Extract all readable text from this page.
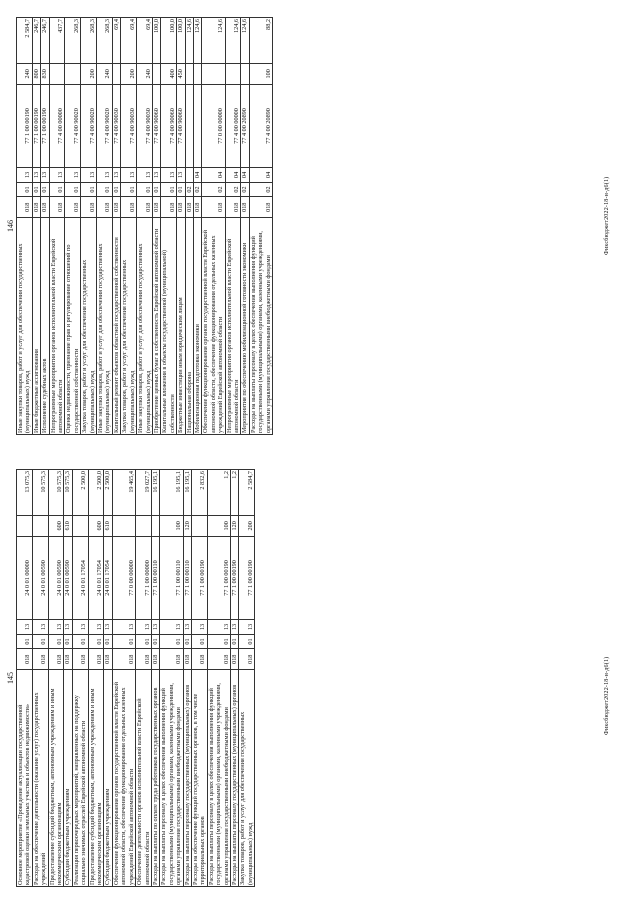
145
Основное мероприятие «Проведение актуализации государственной кадастровой оценки земельных участков и объектов недвижимости»	018	01	13	24 0 01 00000		13 075,3
Расходы на обеспечение деятельности (оказание услуг) государственных учреждений	018	01	13	24 0 01 00590		10 575,3
Предоставление субсидий бюджетным, автономным учреждениям и иным некоммерческим организациям	018	01	13	24 0 01 00590	600	10 575,3
Субсидии бюджетным учреждениям	018	01	13	24 0 01 00590	610	10 575,3
Реализация первоочередных мероприятий, направленных на поддержку социально значимых отраслей Еврейской автономной области	018	01	13	24 0 01 17054		2 500,0
Предоставление субсидий бюджетным, автономным учреждениям и иным некоммерческим организациям	018	01	13	24 0 01 17054	600	2 500,0
Субсидии бюджетным учреждениям	018	01	13	24 0 01 17054	610	2 500,0
Обеспечение функционирования органов государственной власти Еврейской автономной области, обеспечение функционирования отдельных казенных учреждений Еврейской автономной области	018	01	13	77 0 00 00000		19 465,4
Обеспечение деятельности органов исполнительной власти Еврейской автономной области	018	01	13	77 1 00 00000		19 027,7
Расходы на выплаты по оплате труда работников государственных органов	018	01	13	77 1 00 00110		16 195,1
Расходы на выплаты персоналу в целях обеспечения выполнения функций государственными (муниципальными) органами, казенными учреждениями, органами управления государственными внебюджетными фондами	018	01	13	77 1 00 00110	100	16 195,1
Расходы на выплаты персоналу государственных (муниципальных) органов	018	01	13	77 1 00 00110	120	16 195,1
Расходы на обеспечение функций государственных органов, в том числе территориальных органов	018	01	13	77 1 00 00190		2 832,6
Расходы на выплаты персоналу в целях обеспечения выполнения функций государственными (муниципальными) органами, казенными учреждениями, органами управления государственными внебюджетными фондами	018	01	13	77 1 00 00190	100	1,2
Расходы на выплаты персоналу государственных (муниципальных) органов	018	01	13	77 1 00 00190	120	1,2
Закупка товаров, работ и услуг для обеспечения государственных (муниципальных) нужд	018	01	13	77 1 00 00190	200	2 584,7
Фиксбюджет2022-18-н-д6(1)
146
Иные закупки товаров, работ и услуг для обеспечения государственных (муниципальных) нужд	018	01	13	77 1 00 00190	240	2 584,7
Иные бюджетные ассигнования	018	01	13	77 1 00 00190	800	246,7
Исполнение судебных актов	018	01	13	77 1 00 00190	830	246,7
Непрограммные мероприятия органов исполнительной власти Еврейской автономной области	018	01	13	77 4 00 00000		437,7
Оценка недвижимости, признание прав и регулирование отношений по государственной собственности	018	01	13	77 4 00 90020		268,3
Закупка товаров, работ и услуг для обеспечения государственных (муниципальных) нужд	018	01	13	77 4 00 90020	200	268,3
Иные закупки товаров, работ и услуг для обеспечения государственных (муниципальных) нужд	018	01	13	77 4 00 90020	240	268,3
Капитальный ремонт объектов областной государственной собственности	018	01	13	77 4 00 90030		69,4
Закупка товаров, работ и услуг для обеспечения государственных (муниципальных) нужд	018	01	13	77 4 00 90030	200	69,4
Иные закупки товаров, работ и услуг для обеспечения государственных (муниципальных) нужд	018	01	13	77 4 00 90030	240	69,4
Приобретение ценных бумаг в собственность Еврейской автономной области	018	01	13	77 4 00 90060		100,0
Капитальные вложения в объекты государственной (муниципальной) собственности	018	01	13	77 4 00 90060	400	100,0
Бюджетные инвестиции иным юридическим лицам	018	01	13	77 4 00 90060	450	100,0
Национальная оборона	018	02				124,6
Мобилизационная подготовка экономики	018	02	04			124,6
Обеспечение функционирования органов государственной власти Еврейской автономной области, обеспечение функционирования отдельных казенных учреждений Еврейской автономной области	018	02	04	77 0 00 00000		124,6
Непрограммные мероприятия органов исполнительной власти Еврейской автономной области	018	02	04	77 4 00 00000		124,6
Мероприятия по обеспечению мобилизационной готовности экономики	018	02	04	77 4 00 20890		124,6
Расходы на выплаты персоналу в целях обеспечения выполнения функций государственными (муниципальными) органами, казенными учреждениями, органами управления государственными внебюджетными фондами	018	02	04	77 4 00 20890	100	88,2
Фиксбюджет2022-18-н-д6(1)
